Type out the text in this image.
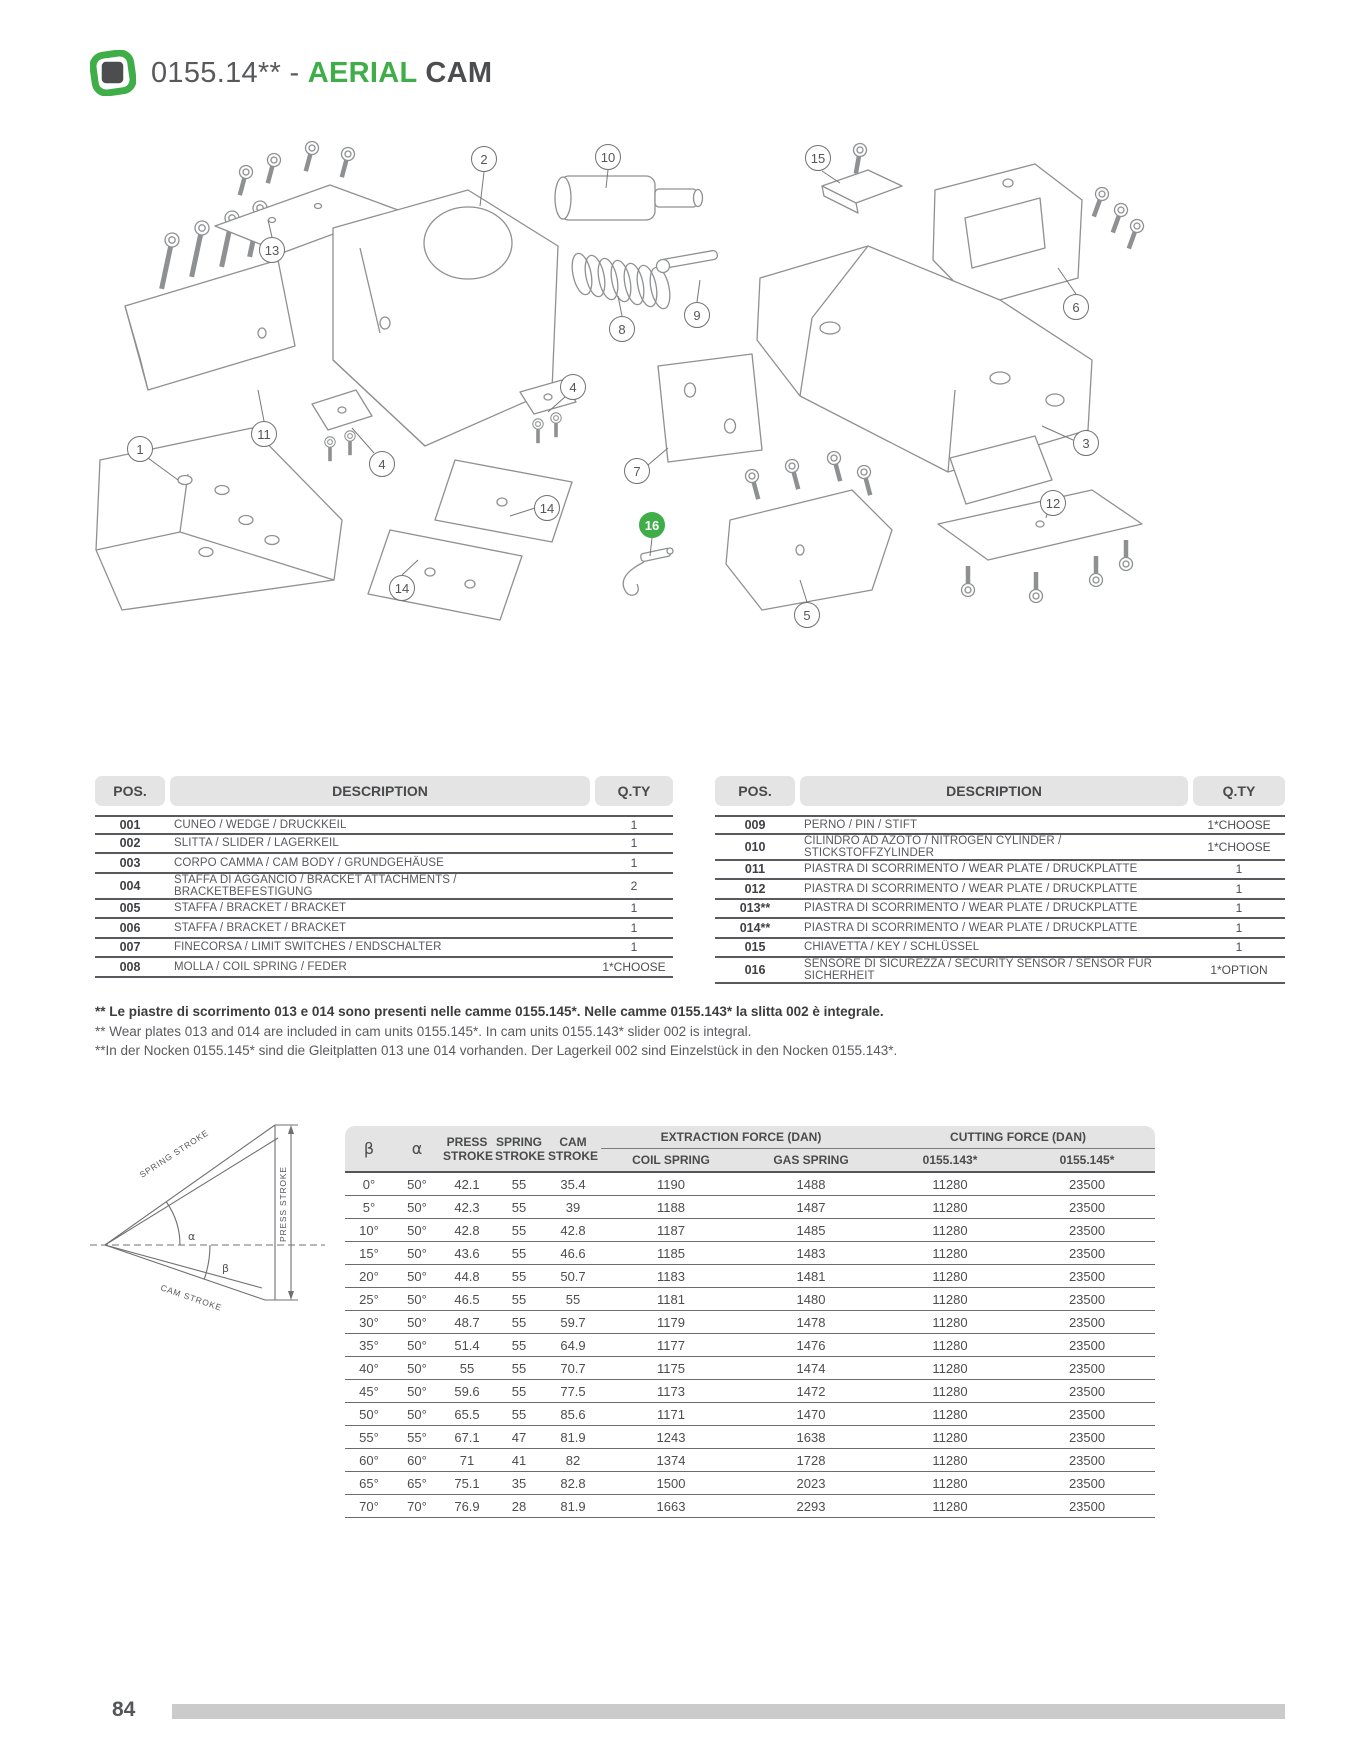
0155.14** - AERIAL CAM
1
2
3
4
4
5
6
7
8
9
10
11
12
13
14
14
15
16
POS.	DESCRIPTION	Q.TY
001	CUNEO / WEDGE / DRUCKKEIL	1
002	SLITTA / SLIDER / LAGERKEIL	1
003	CORPO CAMMA / CAM BODY / GRUNDGEHÄUSE	1
004	STAFFA DI AGGANCIO / BRACKET ATTACHMENTS / BRACKETBEFESTIGUNG	2
005	STAFFA / BRACKET / BRACKET	1
006	STAFFA / BRACKET / BRACKET	1
007	FINECORSA / LIMIT SWITCHES / ENDSCHALTER	1
008	MOLLA / COIL SPRING / FEDER	1*CHOOSE
POS.	DESCRIPTION	Q.TY
009	PERNO / PIN / STIFT	1*CHOOSE
010	CILINDRO AD AZOTO / NITROGEN CYLINDER / STICKSTOFFZYLINDER	1*CHOOSE
011	PIASTRA DI SCORRIMENTO / WEAR PLATE / DRUCKPLATTE	1
012	PIASTRA DI SCORRIMENTO / WEAR PLATE / DRUCKPLATTE	1
013**	PIASTRA DI SCORRIMENTO / WEAR PLATE / DRUCKPLATTE	1
014**	PIASTRA DI SCORRIMENTO / WEAR PLATE / DRUCKPLATTE	1
015	CHIAVETTA / KEY / SCHLÜSSEL	1
016	SENSORE DI SICUREZZA / SECURITY SENSOR / SENSOR FÜR SICHERHEIT	1*OPTION
** Le piastre di scorrimento 013 e 014 sono presenti nelle camme 0155.145*. Nelle camme 0155.143* la slitta 002 è integrale.
** Wear plates 013 and 014 are included in cam units 0155.145*. In cam units 0155.143* slider 002 is integral.
**In der Nocken 0155.145* sind die Gleitplatten 013 une 014 vorhanden. Der Lagerkeil 002 sind Einzelstück in den Nocken 0155.143*.
α
β
SPRING STROKE
CAM STROKE
PRESS STROKE
β	α	PRESS STROKE	SPRING STROKE	CAM STROKE	EXTRACTION FORCE (DAN)		CUTTING FORCE (DAN)	
					COIL SPRING	GAS SPRING	0155.143*	0155.145*
0°	50°	42.1	55	35.4	1190	1488	11280	23500
5°	50°	42.3	55	39	1188	1487	11280	23500
10°	50°	42.8	55	42.8	1187	1485	11280	23500
15°	50°	43.6	55	46.6	1185	1483	11280	23500
20°	50°	44.8	55	50.7	1183	1481	11280	23500
25°	50°	46.5	55	55	1181	1480	11280	23500
30°	50°	48.7	55	59.7	1179	1478	11280	23500
35°	50°	51.4	55	64.9	1177	1476	11280	23500
40°	50°	55	55	70.7	1175	1474	11280	23500
45°	50°	59.6	55	77.5	1173	1472	11280	23500
50°	50°	65.5	55	85.6	1171	1470	11280	23500
55°	55°	67.1	47	81.9	1243	1638	11280	23500
60°	60°	71	41	82	1374	1728	11280	23500
65°	65°	75.1	35	82.8	1500	2023	11280	23500
70°	70°	76.9	28	81.9	1663	2293	11280	23500
84
